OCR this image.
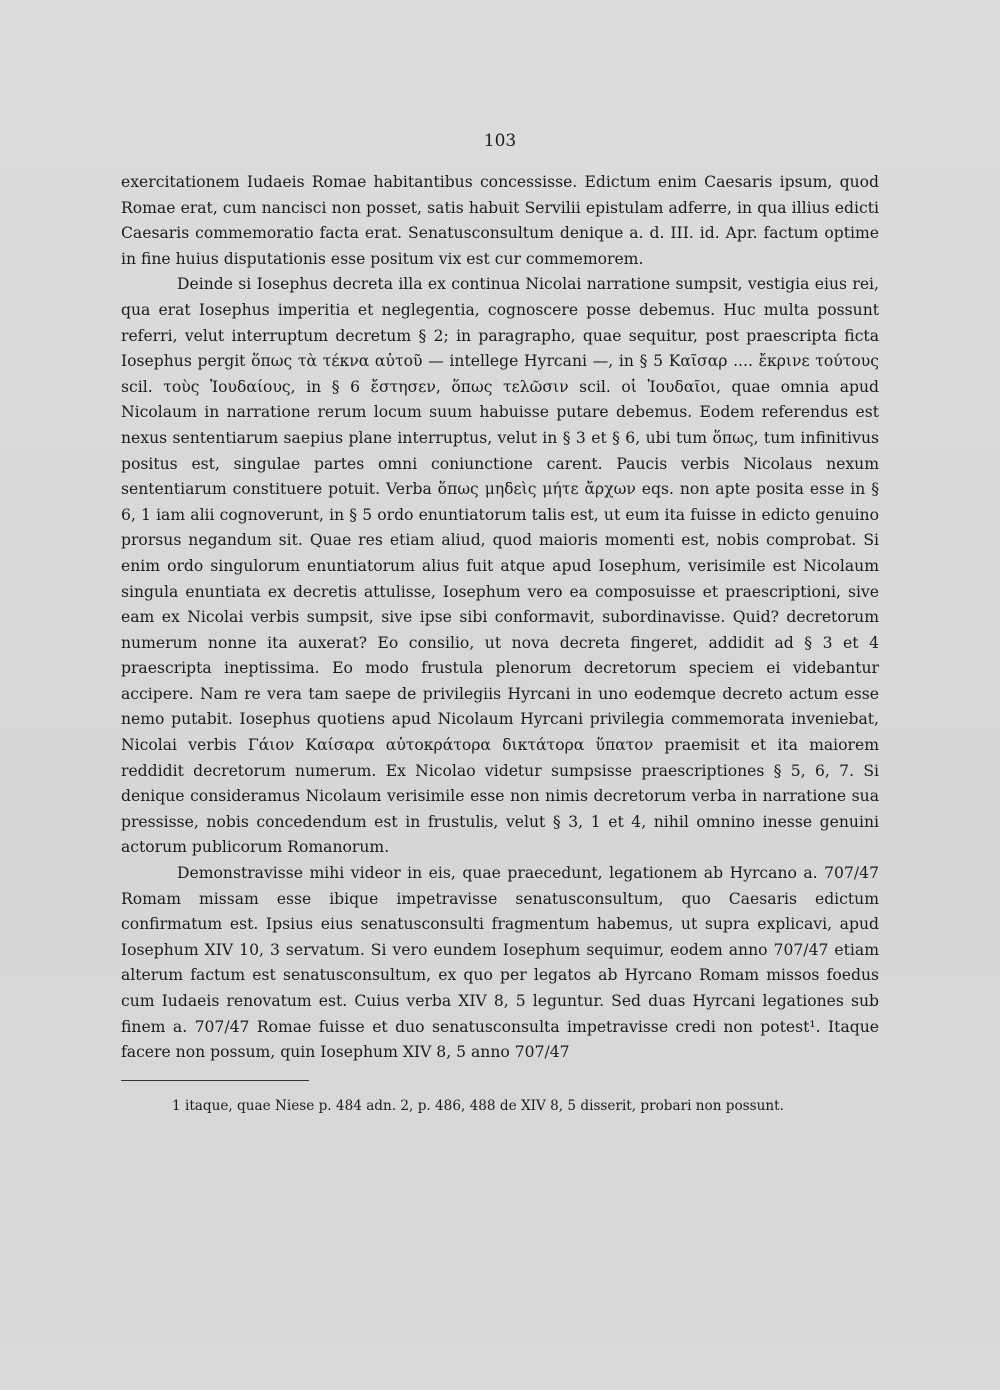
103

exercitationem Iudaeis Romae habitantibus concessisse. Edictum enim Caesaris ipsum, quod Romae erat, cum nancisci non posset, satis habuit Servilii epistulam adferre, in qua illius edicti Caesaris commemoratio facta erat. Senatusconsultum denique a. d. III. id. Apr. factum optime in fine huius disputationis esse positum vix est cur commemorem.

Deinde si Iosephus decreta illa ex continua Nicolai narratione sumpsit, vestigia eius rei, qua erat Iosephus imperitia et neglegentia, cognoscere posse debemus. Huc multa possunt referri, velut interruptum decretum § 2; in paragrapho, quae sequitur, post praescripta ficta Iosephus pergit ὅπως τὰ τέκνα αὐτοῦ — intellege Hyrcani —, in § 5 Καῖσαρ .... ἔκρινε τούτους scil. τοὺς Ἰουδαίους, in § 6 ἔστησεν, ὅπως τελῶσιν scil. οἱ Ἰουδαῖοι, quae omnia apud Nicolaum in narratione rerum locum suum habuisse putare debemus. Eodem referendus est nexus sententiarum saepius plane interruptus, velut in § 3 et § 6, ubi tum ὅπως, tum infinitivus positus est, singulae partes omni coniunctione carent. Paucis verbis Nicolaus nexum sententiarum constituere potuit. Verba ὅπως μηδεὶς μήτε ἄρχων eqs. non apte posita esse in § 6, 1 iam alii cognoverunt, in § 5 ordo enuntiatorum talis est, ut eum ita fuisse in edicto genuino prorsus negandum sit. Quae res etiam aliud, quod maioris momenti est, nobis comprobat. Si enim ordo singulorum enuntiatorum alius fuit atque apud Iosephum, verisimile est Nicolaum singula enuntiata ex decretis attulisse, Iosephum vero ea composuisse et praescriptioni, sive eam ex Nicolai verbis sumpsit, sive ipse sibi conformavit, subordinavisse. Quid? decretorum numerum nonne ita auxerat? Eo consilio, ut nova decreta fingeret, addidit ad § 3 et 4 praescripta ineptissima. Eo modo frustula plenorum decretorum speciem ei videbantur accipere. Nam re vera tam saepe de privilegiis Hyrcani in uno eodemque decreto actum esse nemo putabit. Iosephus quotiens apud Nicolaum Hyrcani privilegia commemorata inveniebat, Nicolai verbis Γάιον Καίσαρα αὐτοκράτορα δικτάτορα ὕπατον praemisit et ita maiorem reddidit decretorum numerum. Ex Nicolao videtur sumpsisse praescriptiones § 5, 6, 7. Si denique consideramus Nicolaum verisimile esse non nimis decretorum verba in narratione sua pressisse, nobis concedendum est in frustulis, velut § 3, 1 et 4, nihil omnino inesse genuini actorum publicorum Romanorum.

Demonstravisse mihi videor in eis, quae praecedunt, legationem ab Hyrcano a. 707/47 Romam missam esse ibique impetravisse senatusconsultum, quo Caesaris edictum confirmatum est. Ipsius eius senatusconsulti fragmentum habemus, ut supra explicavi, apud Iosephum XIV 10, 3 servatum. Si vero eundem Iosephum sequimur, eodem anno 707/47 etiam alterum factum est senatusconsultum, ex quo per legatos ab Hyrcano Romam missos foedus cum Iudaeis renovatum est. Cuius verba XIV 8, 5 leguntur. Sed duas Hyrcani legationes sub finem a. 707/47 Romae fuisse et duo senatusconsulta impetravisse credi non potest¹. Itaque facere non possum, quin Iosephum XIV 8, 5 anno 707/47

1 itaque, quae Niese p. 484 adn. 2, p. 486, 488 de XIV 8, 5 disserit, probari non possunt.
